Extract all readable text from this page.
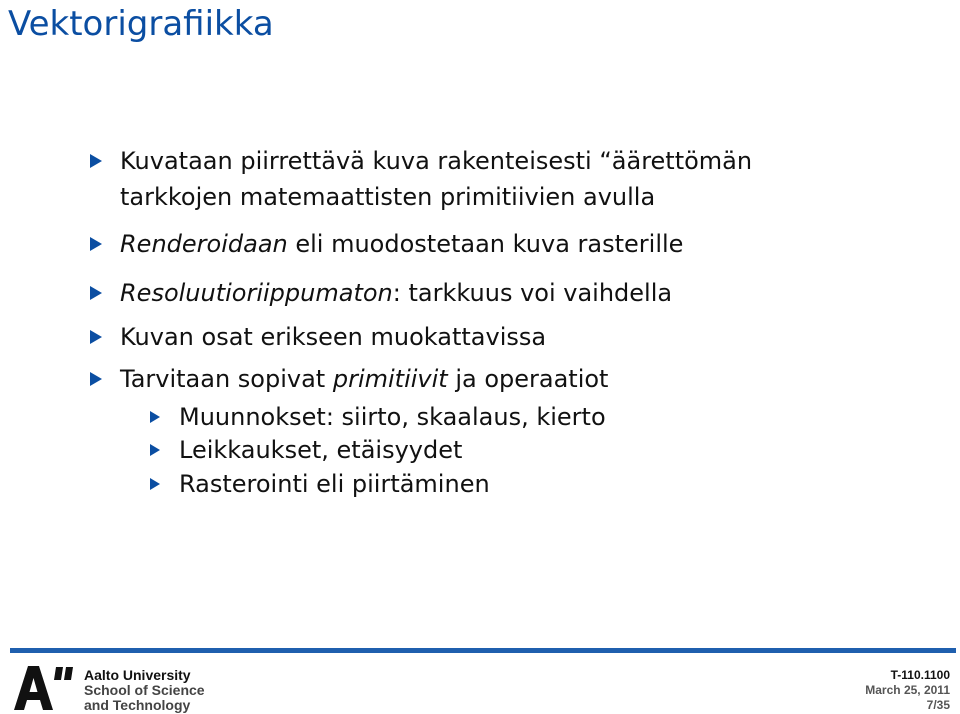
Vektorigrafiikka
Kuvataan piirrettävä kuva rakenteisesti “äärettömän
tarkkojen matemaattisten primitiivien avulla
Renderoidaan eli muodostetaan kuva rasterille
Resoluutioriippumaton: tarkkuus voi vaihdella
Kuvan osat erikseen muokattavissa
Tarvitaan sopivat primitiivit ja operaatiot
Muunnokset: siirto, skaalaus, kierto
Leikkaukset, etäisyydet
Rasterointi eli piirtäminen
Aalto University
School of Science
and Technology
T-110.1100
March 25, 2011
7/35
